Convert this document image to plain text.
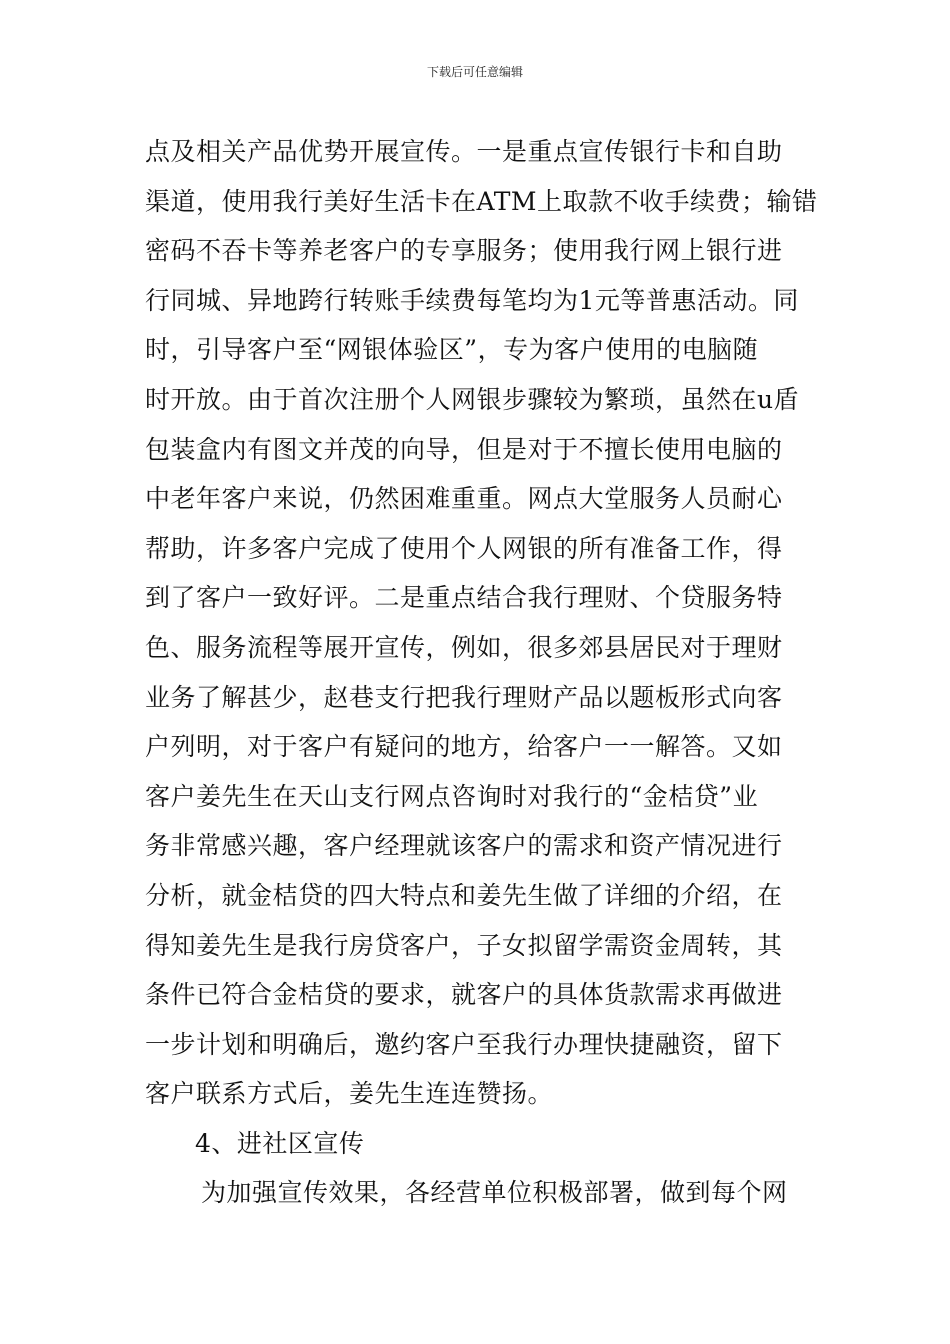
下载后可任意编辑
点及相关产品优势开展宣传。一是重点宣传银行卡和自助
渠道，使用我行美好生活卡在ATM上取款不收手续费；输错
密码不吞卡等养老客户的专享服务；使用我行网上银行进
行同城、异地跨行转账手续费每笔均为1元等普惠活动。同
时，引导客户至“网银体验区”，专为客户使用的电脑随
时开放。由于首次注册个人网银步骤较为繁琐，虽然在u盾
包装盒内有图文并茂的向导，但是对于不擅长使用电脑的
中老年客户来说，仍然困难重重。网点大堂服务人员耐心
帮助，许多客户完成了使用个人网银的所有准备工作，得
到了客户一致好评。二是重点结合我行理财、个贷服务特
色、服务流程等展开宣传，例如，很多郊县居民对于理财
业务了解甚少，赵巷支行把我行理财产品以题板形式向客
户列明，对于客户有疑问的地方，给客户一一解答。又如
客户姜先生在天山支行网点咨询时对我行的“金桔贷”业
务非常感兴趣，客户经理就该客户的需求和资产情况进行
分析，就金桔贷的四大特点和姜先生做了详细的介绍，在
得知姜先生是我行房贷客户，子女拟留学需资金周转，其
条件已符合金桔贷的要求，就客户的具体货款需求再做进
一步计划和明确后，邀约客户至我行办理快捷融资，留下
客户联系方式后，姜先生连连赞扬。
4、进社区宣传
为加强宣传效果，各经营单位积极部署，做到每个网
